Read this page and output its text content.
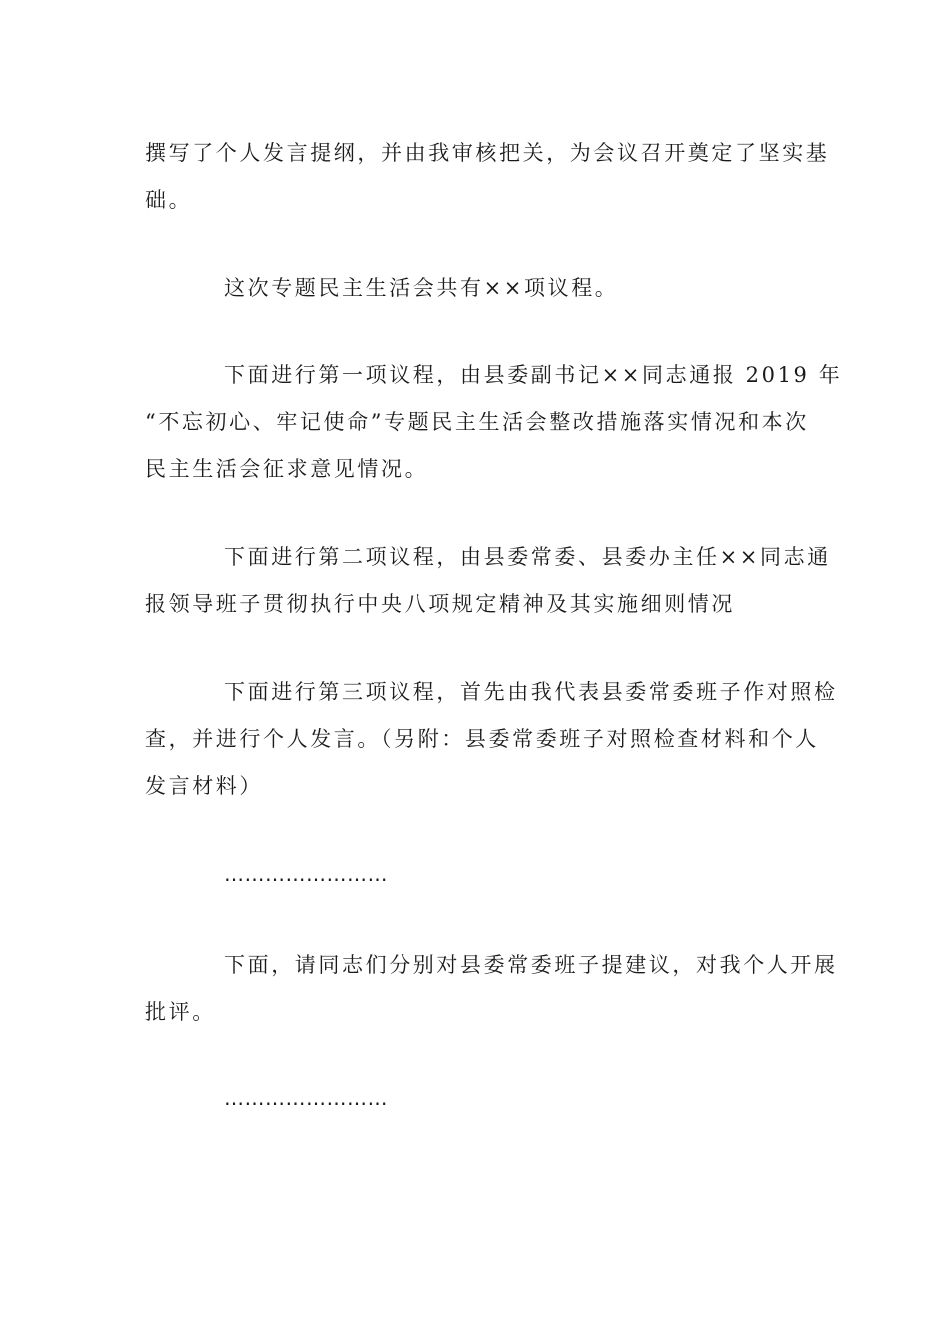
撰写了个人发言提纲，并由我审核把关，为会议召开奠定了坚实基
础。
这次专题民主生活会共有××项议程。
下面进行第一项议程，由县委副书记××同志通报 2019 年
“不忘初心、牢记使命”专题民主生活会整改措施落实情况和本次
民主生活会征求意见情况。
下面进行第二项议程，由县委常委、县委办主任××同志通
报领导班子贯彻执行中央八项规定精神及其实施细则情况
下面进行第三项议程，首先由我代表县委常委班子作对照检
查，并进行个人发言。（另附：县委常委班子对照检查材料和个人
发言材料）
……………………
下面，请同志们分别对县委常委班子提建议，对我个人开展
批评。
……………………
